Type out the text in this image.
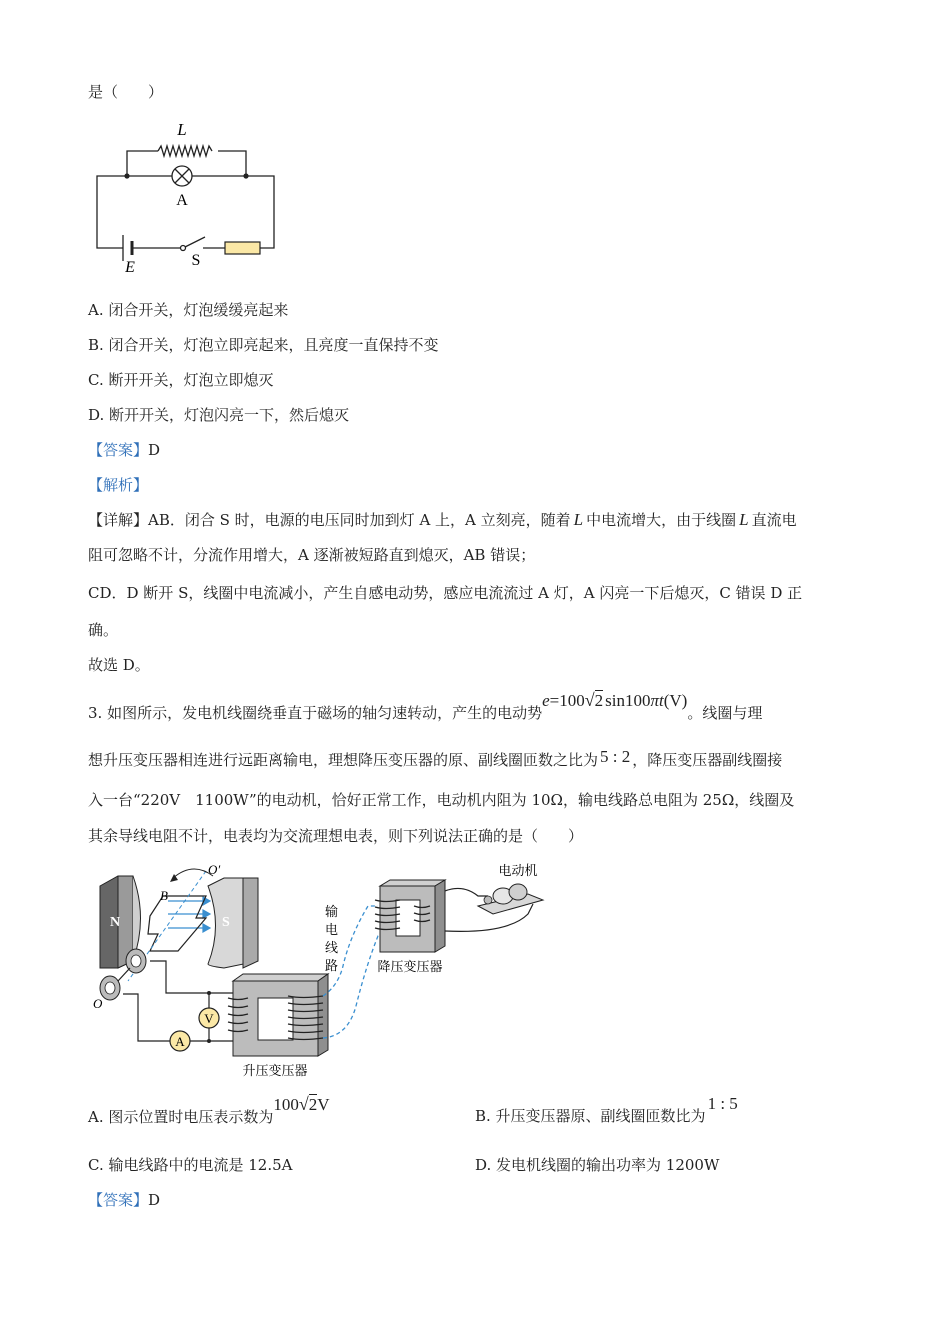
是（　　）
L
A
E	S
A. 闭合开关，灯泡缓缓亮起来
B. 闭合开关，灯泡立即亮起来，且亮度一直保持不变
C. 断开开关，灯泡立即熄灭
D. 断开开关，灯泡闪亮一下，然后熄灭
【答案】D
【解析】
【详解】AB．闭合 S 时，电源的电压同时加到灯 A 上，A 立刻亮，随着 L 中电流增大，由于线圈 L 直流电
阻可忽略不计，分流作用增大，A 逐渐被短路直到熄灭，AB 错误；
CD．D 断开 S，线圈中电流减小，产生自感电动势，感应电流流过 A 灯，A 闪亮一下后熄灭，C 错误 D 正
确。
故选 D。
3. 如图所示，发电机线圈绕垂直于磁场的轴匀速转动，产生的电动势e=100√2 sin100πt(V)。线圈与理
想升压变压器相连进行远距离输电，理想降压变压器的原、副线圈匝数之比为 5 : 2 ，降压变压器副线圈接
入一台“220V　1100W”的电动机，恰好正常工作，电动机内阻为 10Ω，输电线路总电阻为 25Ω，线圈及
其余导线电阻不计，电表均为交流理想电表，则下列说法正确的是（　　）
N	S
O′
B
O
V
A
升压变压器
输
电
线
路	降压变压器
电动机
A. 图示位置时电压表示数为100√2V
B. 升压变压器原、副线圈匝数比为1 : 5
C. 输电线路中的电流是 12.5A	D. 发电机线圈的输出功率为 1200W
【答案】D
